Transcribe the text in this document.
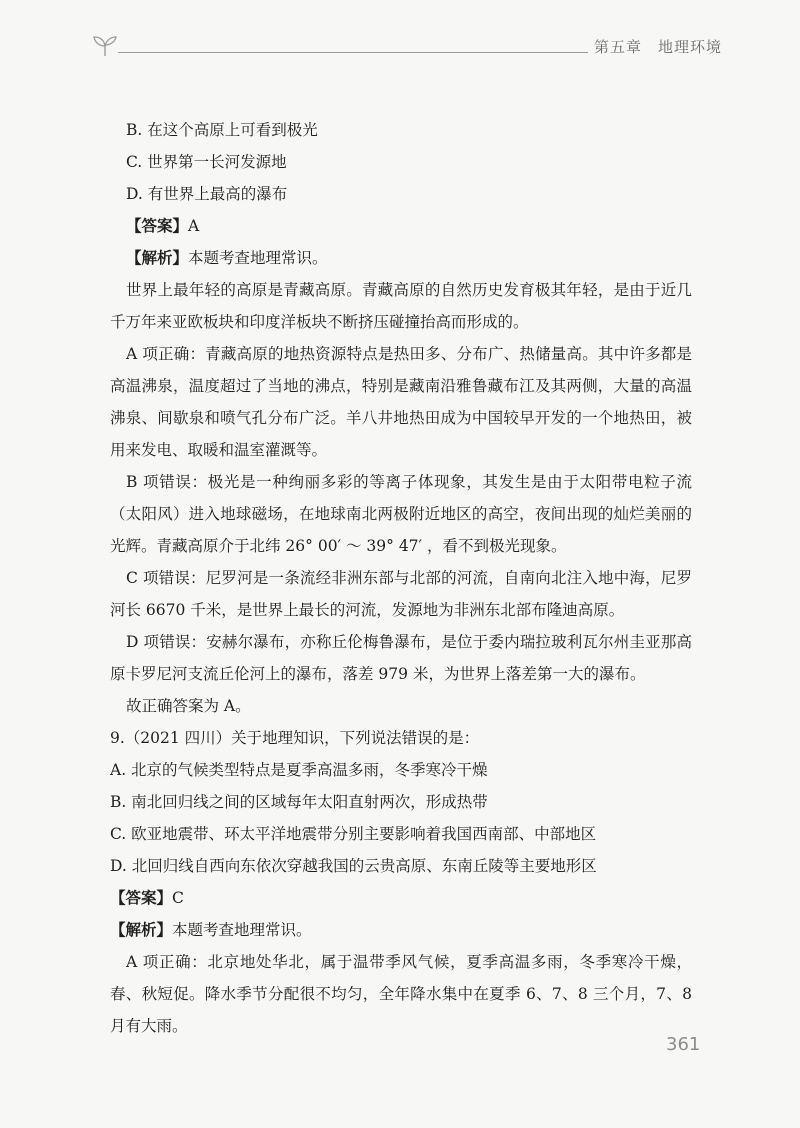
第五章　地理环境

B. 在这个高原上可看到极光

C. 世界第一长河发源地

D. 有世界上最高的瀑布

【答案】A

【解析】本题考查地理常识。

世界上最年轻的高原是青藏高原。青藏高原的自然历史发育极其年轻，是由于近几千万年来亚欧板块和印度洋板块不断挤压碰撞抬高而形成的。

A 项正确：青藏高原的地热资源特点是热田多、分布广、热储量高。其中许多都是高温沸泉，温度超过了当地的沸点，特别是藏南沿雅鲁藏布江及其两侧，大量的高温沸泉、间歇泉和喷气孔分布广泛。羊八井地热田成为中国较早开发的一个地热田，被用来发电、取暖和温室灌溉等。

B 项错误：极光是一种绚丽多彩的等离子体现象，其发生是由于太阳带电粒子流（太阳风）进入地球磁场，在地球南北两极附近地区的高空，夜间出现的灿烂美丽的光辉。青藏高原介于北纬 26° 00′ ～ 39° 47′ ，看不到极光现象。

C 项错误：尼罗河是一条流经非洲东部与北部的河流，自南向北注入地中海，尼罗河长 6670 千米，是世界上最长的河流，发源地为非洲东北部布隆迪高原。

D 项错误：安赫尔瀑布，亦称丘伦梅鲁瀑布，是位于委内瑞拉玻利瓦尔州圭亚那高原卡罗尼河支流丘伦河上的瀑布，落差 979 米，为世界上落差第一大的瀑布。

故正确答案为 A。

9.（2021 四川）关于地理知识，下列说法错误的是：

A. 北京的气候类型特点是夏季高温多雨，冬季寒冷干燥

B. 南北回归线之间的区域每年太阳直射两次，形成热带

C. 欧亚地震带、环太平洋地震带分别主要影响着我国西南部、中部地区

D. 北回归线自西向东依次穿越我国的云贵高原、东南丘陵等主要地形区

【答案】C

【解析】本题考查地理常识。

A 项正确：北京地处华北，属于温带季风气候，夏季高温多雨，冬季寒冷干燥，春、秋短促。降水季节分配很不均匀，全年降水集中在夏季 6、7、8 三个月，7、8 月有大雨。

361
